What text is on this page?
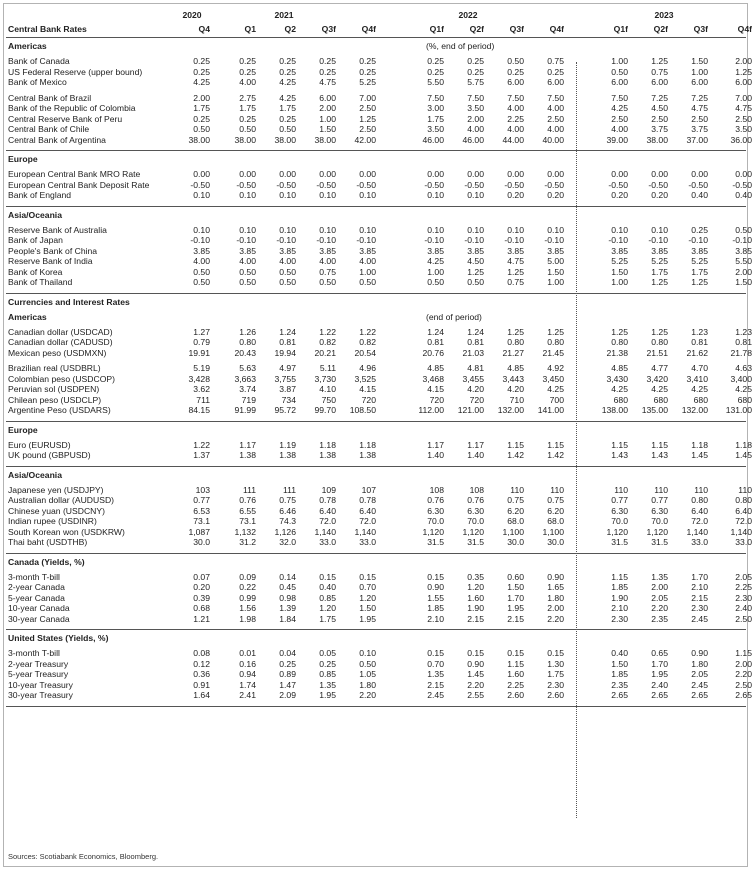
2020	2021	2022	2023
Central Bank Rates	Q4	Q1	Q2	Q3f	Q4f	Q1f	Q2f	Q3f	Q4f	Q1f	Q2f	Q3f	Q4f
Americas	(%, end of period)
Bank of Canada	0.25	0.25	0.25	0.25	0.25	0.25	0.25	0.50	0.75	1.00	1.25	1.50	2.00
US Federal Reserve (upper bound)	0.25	0.25	0.25	0.25	0.25	0.25	0.25	0.25	0.25	0.50	0.75	1.00	1.25
Bank of Mexico	4.25	4.00	4.25	4.75	5.25	5.50	5.75	6.00	6.00	6.00	6.00	6.00	6.00
Central Bank of Brazil	2.00	2.75	4.25	6.00	7.00	7.50	7.50	7.50	7.50	7.50	7.25	7.25	7.00
Bank of the Republic of Colombia	1.75	1.75	1.75	2.00	2.50	3.00	3.50	4.00	4.00	4.25	4.50	4.75	4.75
Central Reserve Bank of Peru	0.25	0.25	0.25	1.00	1.25	1.75	2.00	2.25	2.50	2.50	2.50	2.50	2.50
Central Bank of Chile	0.50	0.50	0.50	1.50	2.50	3.50	4.00	4.00	4.00	4.00	3.75	3.75	3.50
Central Bank of Argentina	38.00	38.00	38.00	38.00	42.00	46.00	46.00	44.00	40.00	39.00	38.00	37.00	36.00
Europe
European Central Bank MRO Rate	0.00	0.00	0.00	0.00	0.00	0.00	0.00	0.00	0.00	0.00	0.00	0.00	0.00
European Central Bank Deposit Rate	-0.50	-0.50	-0.50	-0.50	-0.50	-0.50	-0.50	-0.50	-0.50	-0.50	-0.50	-0.50	-0.50
Bank of England	0.10	0.10	0.10	0.10	0.10	0.10	0.10	0.20	0.20	0.20	0.20	0.40	0.40
Asia/Oceania
Reserve Bank of Australia	0.10	0.10	0.10	0.10	0.10	0.10	0.10	0.10	0.10	0.10	0.10	0.25	0.50
Bank of Japan	-0.10	-0.10	-0.10	-0.10	-0.10	-0.10	-0.10	-0.10	-0.10	-0.10	-0.10	-0.10	-0.10
People's Bank of China	3.85	3.85	3.85	3.85	3.85	3.85	3.85	3.85	3.85	3.85	3.85	3.85	3.85
Reserve Bank of India	4.00	4.00	4.00	4.00	4.00	4.25	4.50	4.75	5.00	5.25	5.25	5.25	5.50
Bank of Korea	0.50	0.50	0.50	0.75	1.00	1.00	1.25	1.25	1.50	1.50	1.75	1.75	2.00
Bank of Thailand	0.50	0.50	0.50	0.50	0.50	0.50	0.50	0.75	1.00	1.00	1.25	1.25	1.50
Currencies and Interest Rates
Americas	(end of period)
Canadian dollar (USDCAD)	1.27	1.26	1.24	1.22	1.22	1.24	1.24	1.25	1.25	1.25	1.25	1.23	1.23
Canadian dollar (CADUSD)	0.79	0.80	0.81	0.82	0.82	0.81	0.81	0.80	0.80	0.80	0.80	0.81	0.81
Mexican peso (USDMXN)	19.91	20.43	19.94	20.21	20.54	20.76	21.03	21.27	21.45	21.38	21.51	21.62	21.78
Brazilian real (USDBRL)	5.19	5.63	4.97	5.11	4.96	4.85	4.81	4.85	4.92	4.85	4.77	4.70	4.63
Colombian peso (USDCOP)	3,428	3,663	3,755	3,730	3,525	3,468	3,455	3,443	3,450	3,430	3,420	3,410	3,400
Peruvian sol (USDPEN)	3.62	3.74	3.87	4.10	4.15	4.15	4.20	4.20	4.25	4.25	4.25	4.25	4.25
Chilean peso (USDCLP)	711	719	734	750	720	720	720	710	700	680	680	680	680
Argentine Peso (USDARS)	84.15	91.99	95.72	99.70	108.50	112.00	121.00	132.00	141.00	138.00	135.00	132.00	131.00
Europe
Euro (EURUSD)	1.22	1.17	1.19	1.18	1.18	1.17	1.17	1.15	1.15	1.15	1.15	1.18	1.18
UK pound (GBPUSD)	1.37	1.38	1.38	1.38	1.38	1.40	1.40	1.42	1.42	1.43	1.43	1.45	1.45
Asia/Oceania
Japanese yen (USDJPY)	103	111	111	109	107	108	108	110	110	110	110	110	110
Australian dollar (AUDUSD)	0.77	0.76	0.75	0.78	0.78	0.76	0.76	0.75	0.75	0.77	0.77	0.80	0.80
Chinese yuan (USDCNY)	6.53	6.55	6.46	6.40	6.40	6.30	6.30	6.20	6.20	6.30	6.30	6.40	6.40
Indian rupee (USDINR)	73.1	73.1	74.3	72.0	72.0	70.0	70.0	68.0	68.0	70.0	70.0	72.0	72.0
South Korean won (USDKRW)	1,087	1,132	1,126	1,140	1,140	1,120	1,120	1,100	1,100	1,120	1,120	1,140	1,140
Thai baht (USDTHB)	30.0	31.2	32.0	33.0	33.0	31.5	31.5	30.0	30.0	31.5	31.5	33.0	33.0
Canada (Yields, %)
3-month T-bill	0.07	0.09	0.14	0.15	0.15	0.15	0.35	0.60	0.90	1.15	1.35	1.70	2.05
2-year Canada	0.20	0.22	0.45	0.40	0.70	0.90	1.20	1.50	1.65	1.85	2.00	2.10	2.25
5-year Canada	0.39	0.99	0.98	0.85	1.20	1.55	1.60	1.70	1.80	1.90	2.05	2.15	2.30
10-year Canada	0.68	1.56	1.39	1.20	1.50	1.85	1.90	1.95	2.00	2.10	2.20	2.30	2.40
30-year Canada	1.21	1.98	1.84	1.75	1.95	2.10	2.15	2.15	2.20	2.30	2.35	2.45	2.50
United States (Yields, %)
3-month T-bill	0.08	0.01	0.04	0.05	0.10	0.15	0.15	0.15	0.15	0.40	0.65	0.90	1.15
2-year Treasury	0.12	0.16	0.25	0.25	0.50	0.70	0.90	1.15	1.30	1.50	1.70	1.80	2.00
5-year Treasury	0.36	0.94	0.89	0.85	1.05	1.35	1.45	1.60	1.75	1.85	1.95	2.05	2.20
10-year Treasury	0.91	1.74	1.47	1.35	1.80	2.15	2.20	2.25	2.30	2.35	2.40	2.45	2.50
30-year Treasury	1.64	2.41	2.09	1.95	2.20	2.45	2.55	2.60	2.60	2.65	2.65	2.65	2.65
Sources: Scotiabank Economics, Bloomberg.
